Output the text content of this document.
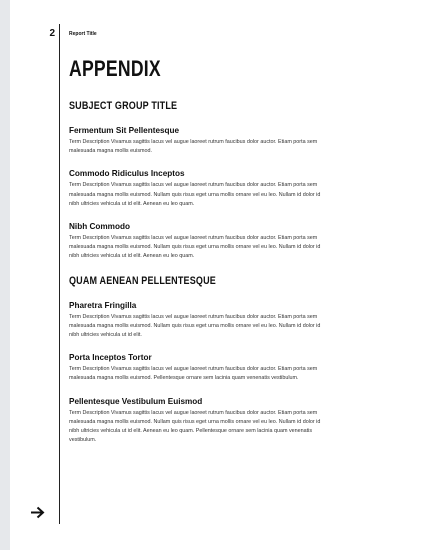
2	Report Title
APPENDIX
SUBJECT GROUP TITLE
Fermentum Sit Pellentesque
Term Description Vivamus sagittis lacus vel augue laoreet rutrum faucibus dolor auctor. Etiam porta sem malesuada magna mollis euismod.
Commodo Ridiculus Inceptos
Term Description Vivamus sagittis lacus vel augue laoreet rutrum faucibus dolor auctor. Etiam porta sem malesuada magna mollis euismod. Nullam quis risus eget urna mollis ornare vel eu leo. Nullam id dolor id nibh ultricies vehicula ut id elit. Aenean eu leo quam.
Nibh Commodo
Term Description Vivamus sagittis lacus vel augue laoreet rutrum faucibus dolor auctor. Etiam porta sem malesuada magna mollis euismod. Nullam quis risus eget urna mollis ornare vel eu leo. Nullam id dolor id nibh ultricies vehicula ut id elit. Aenean eu leo quam.
QUAM AENEAN PELLENTESQUE
Pharetra Fringilla
Term Description Vivamus sagittis lacus vel augue laoreet rutrum faucibus dolor auctor. Etiam porta sem malesuada magna mollis euismod. Nullam quis risus eget urna mollis ornare vel eu leo. Nullam id dolor id nibh ultricies vehicula ut id elit.
Porta Inceptos Tortor
Term Description Vivamus sagittis lacus vel augue laoreet rutrum faucibus dolor auctor. Etiam porta sem malesuada magna mollis euismod. Pellentesque ornare sem lacinia quam venenatis vestibulum.
Pellentesque Vestibulum Euismod
Term Description Vivamus sagittis lacus vel augue laoreet rutrum faucibus dolor auctor. Etiam porta sem malesuada magna mollis euismod. Nullam quis risus eget urna mollis ornare vel eu leo. Nullam id dolor id nibh ultricies vehicula ut id elit. Aenean eu leo quam. Pellentesque ornare sem lacinia quam venenatis vestibulum.
